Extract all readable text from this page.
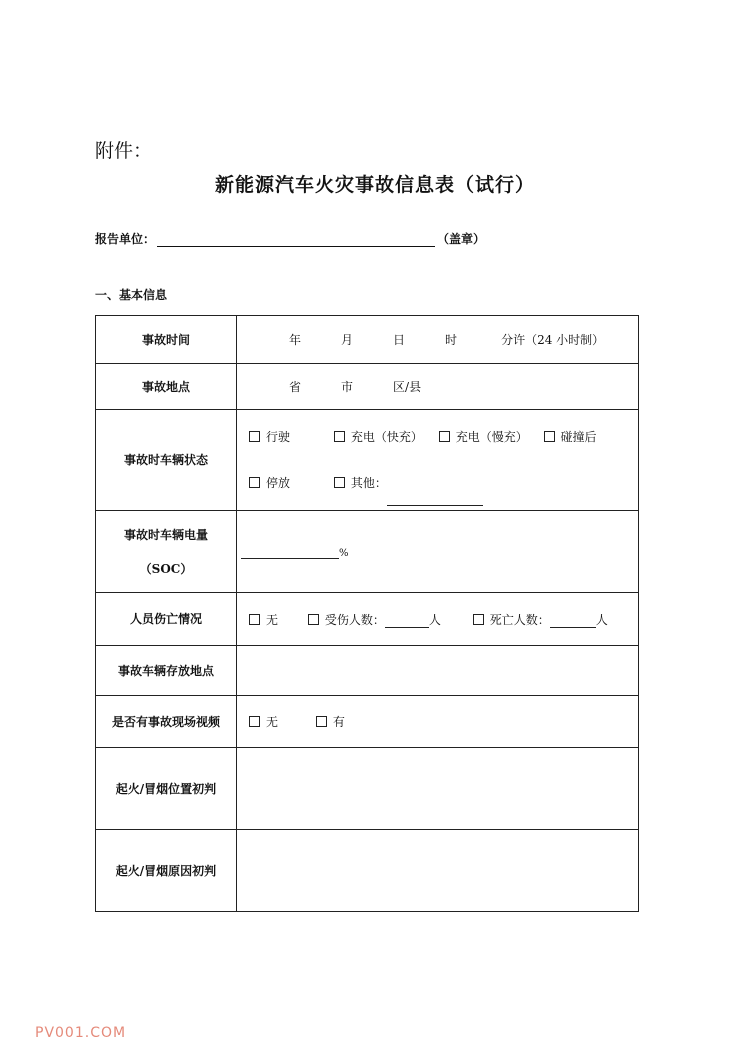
附件：
新能源汽车火灾事故信息表（试行）
报告单位：	（盖章）
一、基本信息
事故时间	年 月 日 时 分许（24 小时制）
事故地点	省 市 区/县
事故时车辆状态	行驶 充电（快充） 充电（慢充） 碰撞后
停放 其他：

事故时车辆电量
（SOC）	%
人员伤亡情况	无 受伤人数： 人 死亡人数： 人
事故车辆存放地点	
是否有事故现场视频	无 有
起火/冒烟位置初判	
起火/冒烟原因初判	
PV001.COM
